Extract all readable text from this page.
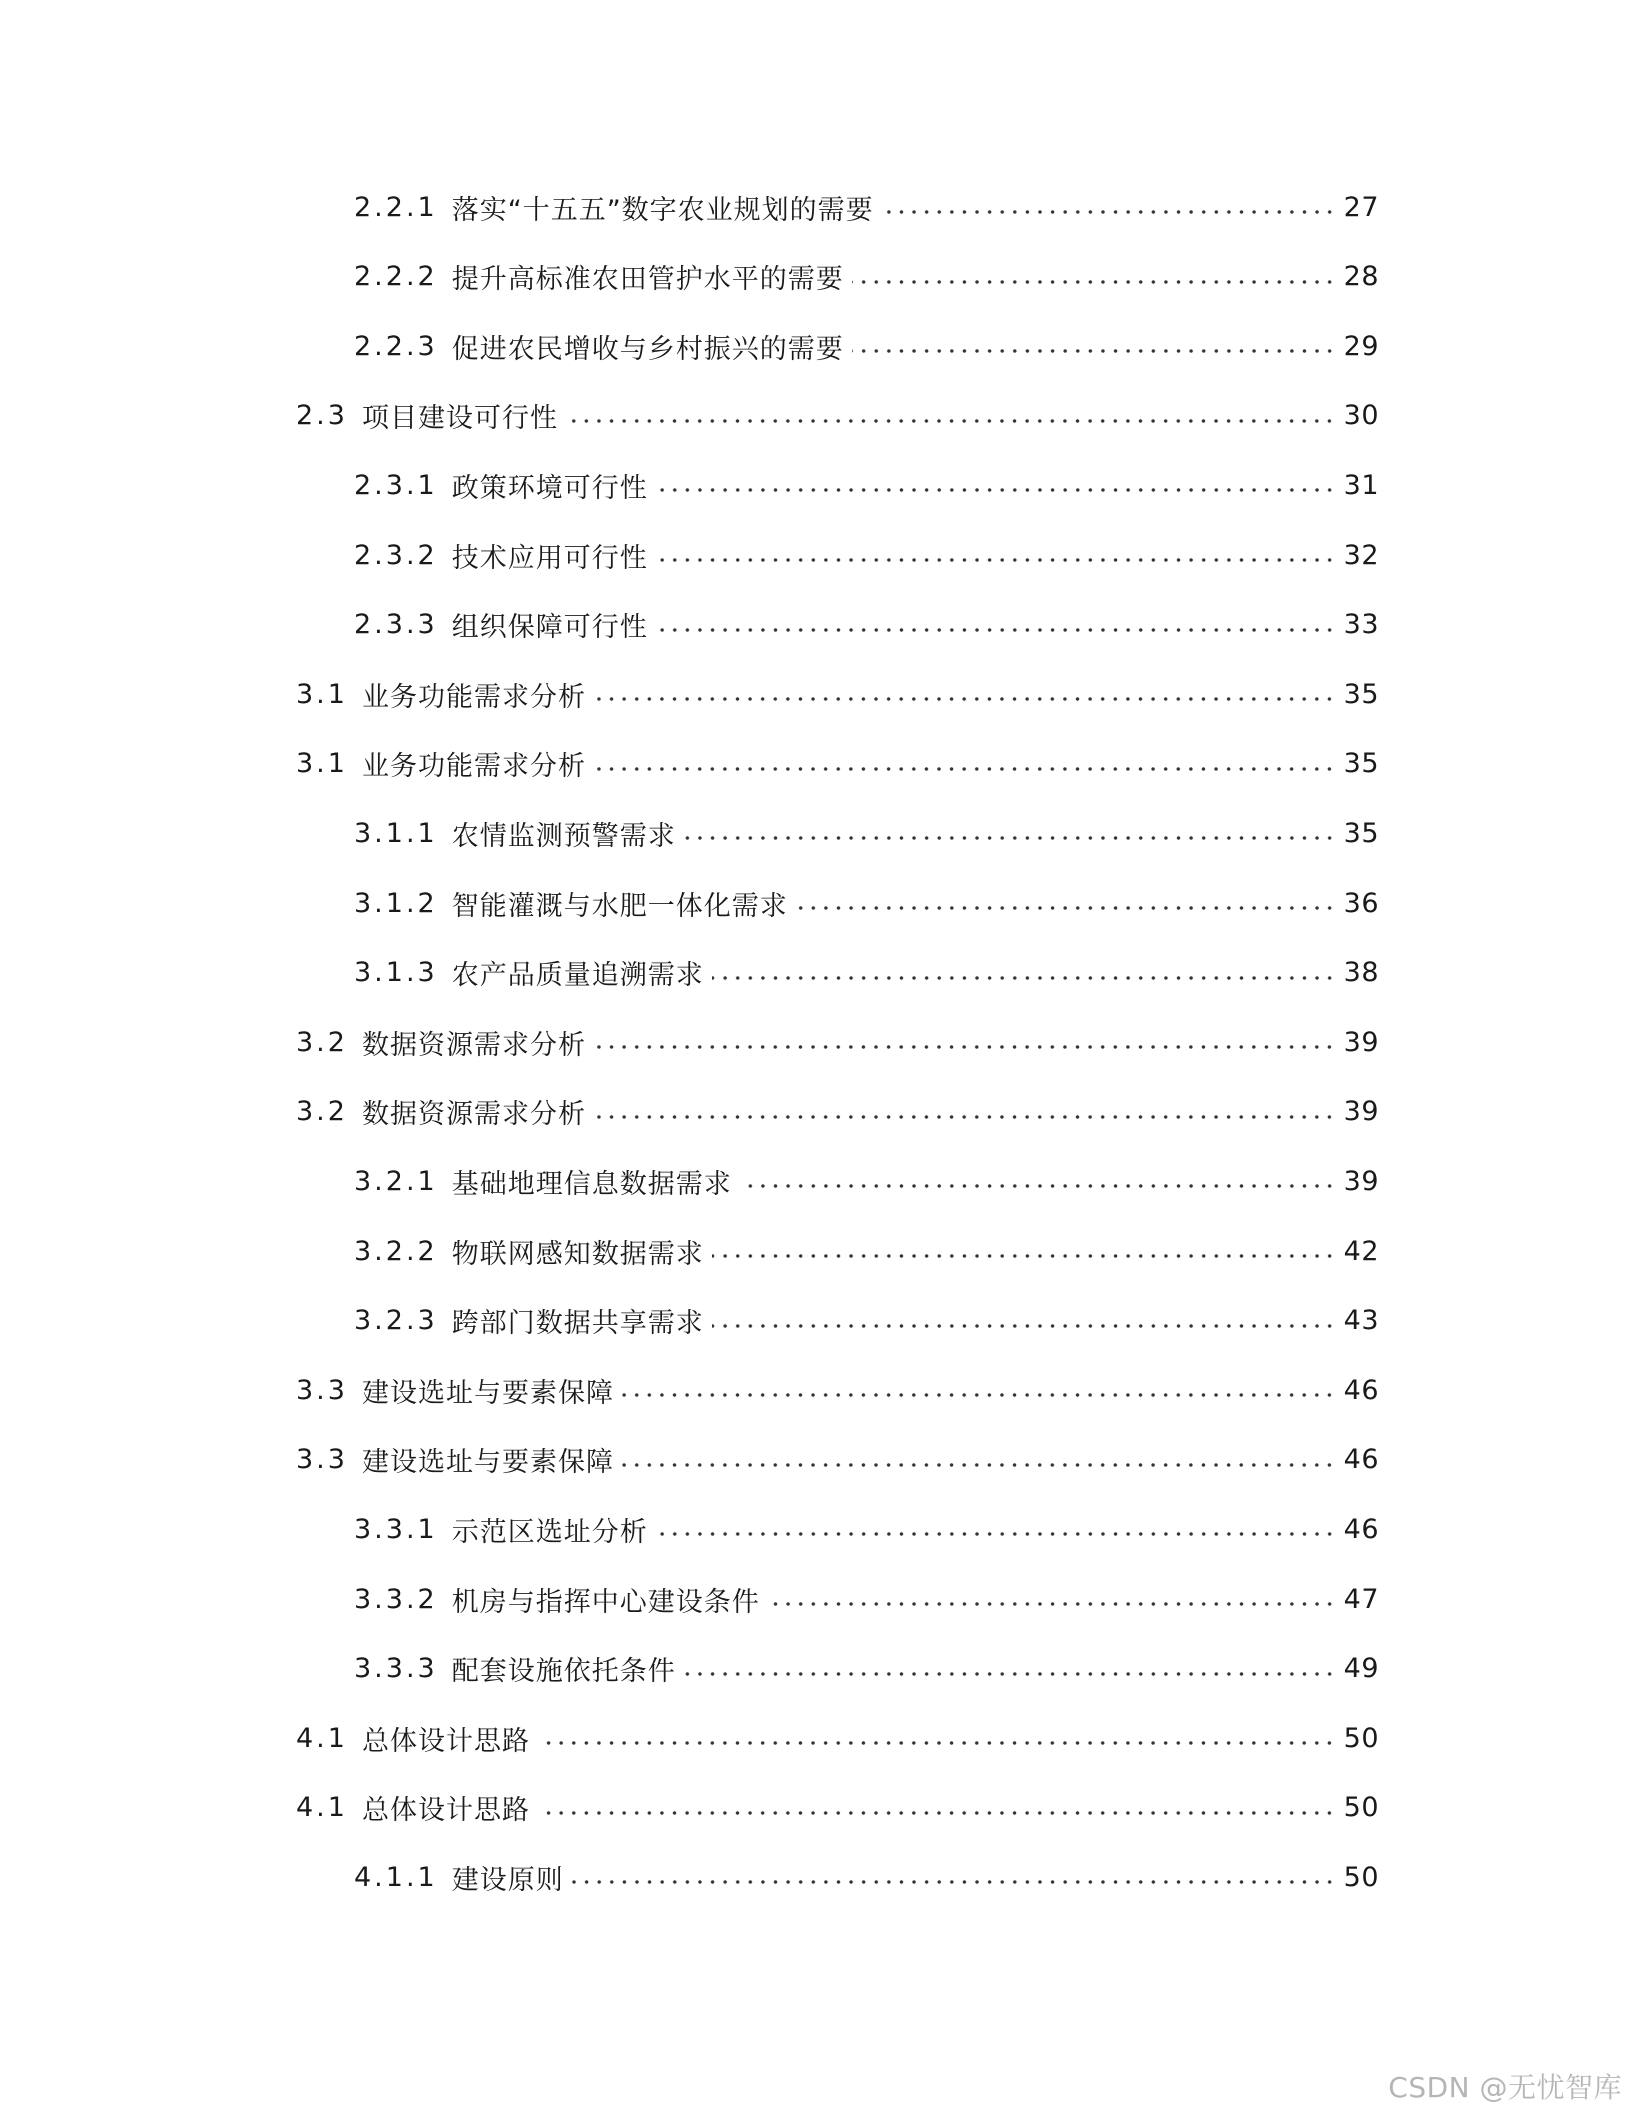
2.2.1 落实“十五五”数字农业规划的需要	27
2.2.2 提升高标准农田管护水平的需要	28
2.2.3 促进农民增收与乡村振兴的需要	29
2.3 项目建设可行性	30
2.3.1 政策环境可行性	31
2.3.2 技术应用可行性	32
2.3.3 组织保障可行性	33
3.1 业务功能需求分析	35
3.1 业务功能需求分析	35
3.1.1 农情监测预警需求	35
3.1.2 智能灌溉与水肥一体化需求	36
3.1.3 农产品质量追溯需求	38
3.2 数据资源需求分析	39
3.2 数据资源需求分析	39
3.2.1 基础地理信息数据需求	39
3.2.2 物联网感知数据需求	42
3.2.3 跨部门数据共享需求	43
3.3 建设选址与要素保障	46
3.3 建设选址与要素保障	46
3.3.1 示范区选址分析	46
3.3.2 机房与指挥中心建设条件	47
3.3.3 配套设施依托条件	49
4.1 总体设计思路	50
4.1 总体设计思路	50
4.1.1 建设原则	50
CSDN @无忧智库
